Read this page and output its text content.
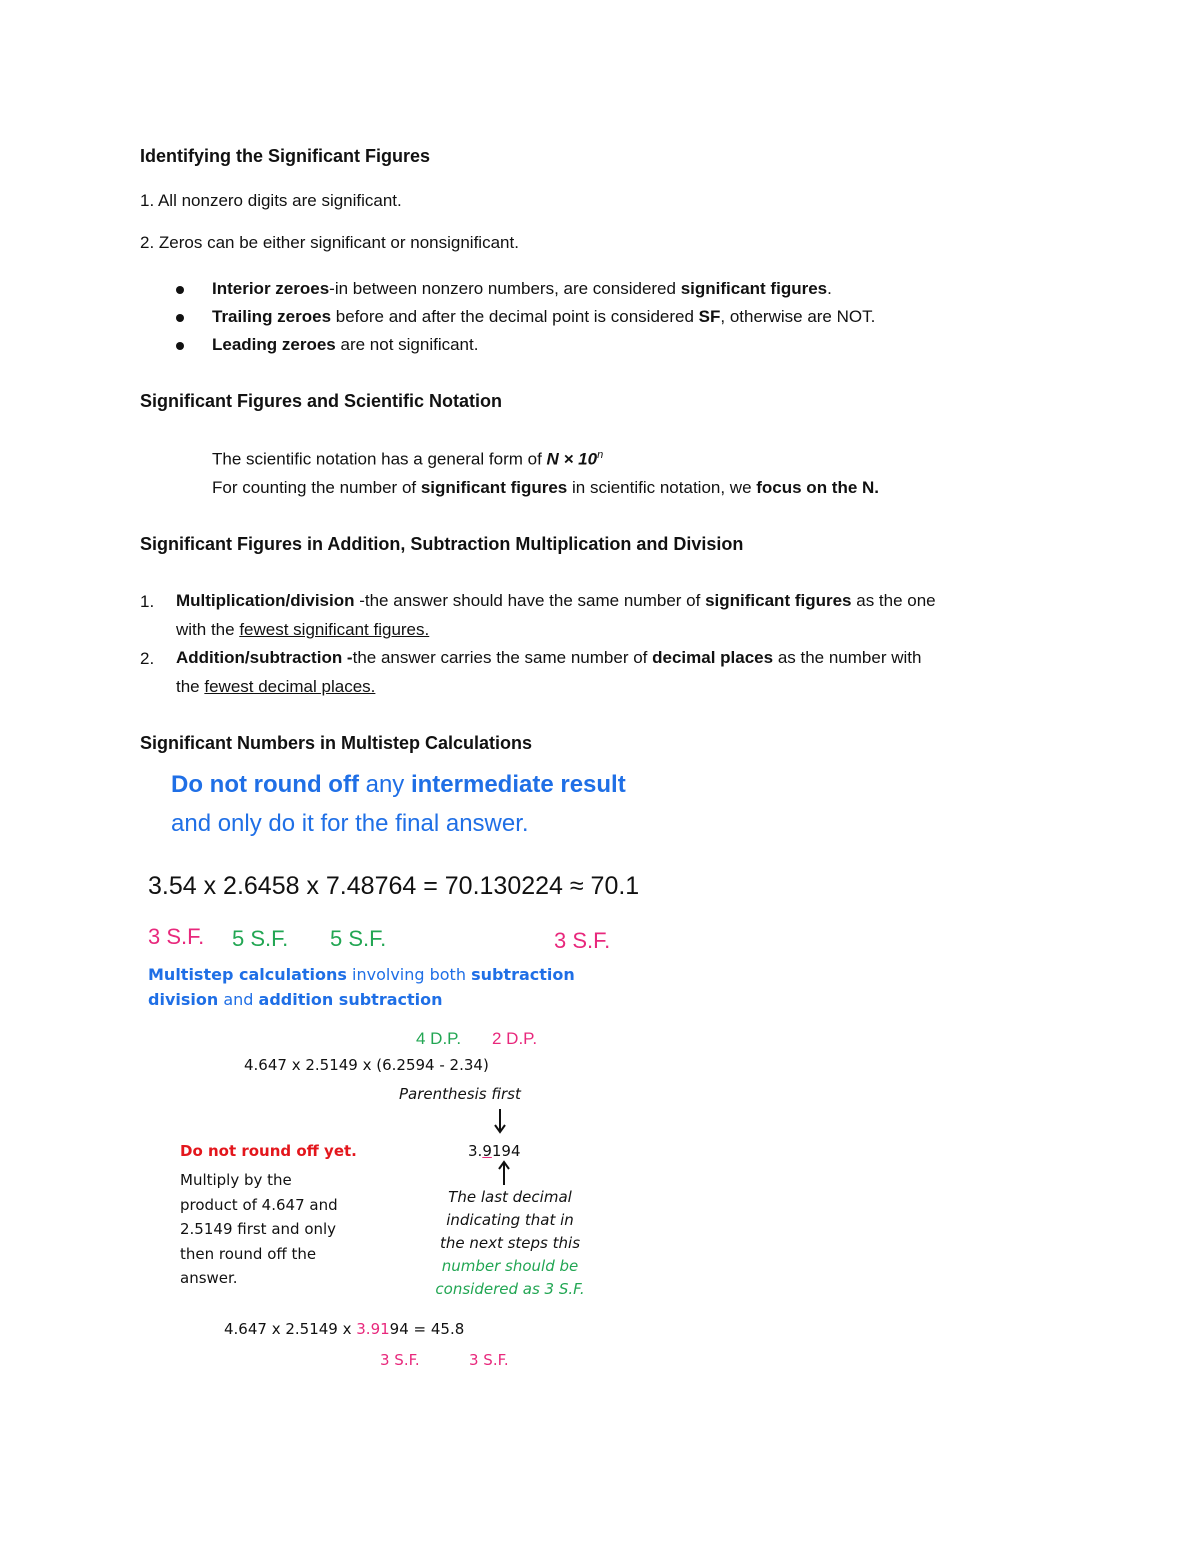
Identifying the Significant Figures
1. All nonzero digits are significant.
2. Zeros can be either significant or nonsignificant.
Interior zeroes-in between nonzero numbers, are considered significant figures.
Trailing zeroes before and after the decimal point is considered SF, otherwise are NOT.
Leading zeroes are not significant.
Significant Figures and Scientific Notation
The scientific notation has a general form of $N \times 10^n$
For counting the number of significant figures in scientific notation, we focus on the N.
Significant Figures in Addition, Subtraction Multiplication and Division
1. Multiplication/division -the answer should have the same number of significant figures as the one
with the fewest significant figures.
2. Addition/subtraction -the answer carries the same number of decimal places as the number with
the fewest decimal places.
Significant Numbers in Multistep Calculations
Do not round off any intermediate result
and only do it for the final answer.
3.54 x 2.6458 x 7.48764 = 70.130224 ≈ 70.1
3 S.F. 5 S.F. 5 S.F.	3 S.F.
Multistep calculations involving both subtraction
division and addition subtraction
4 D.P. 2 D.P.
4.647 x 2.5149 x (6.2594 - 2.34)
Parenthesis first
3.9194
Do not round off yet.
Multiply by the
product of 4.647 and
2.5149 first and only
then round off the
answer.
The last decimal
indicating that in
the next steps this
number should be
considered as 3 S.F.
4.647 x 2.5149 x 3.9194 = 45.8
3 S.F.	3 S.F.
